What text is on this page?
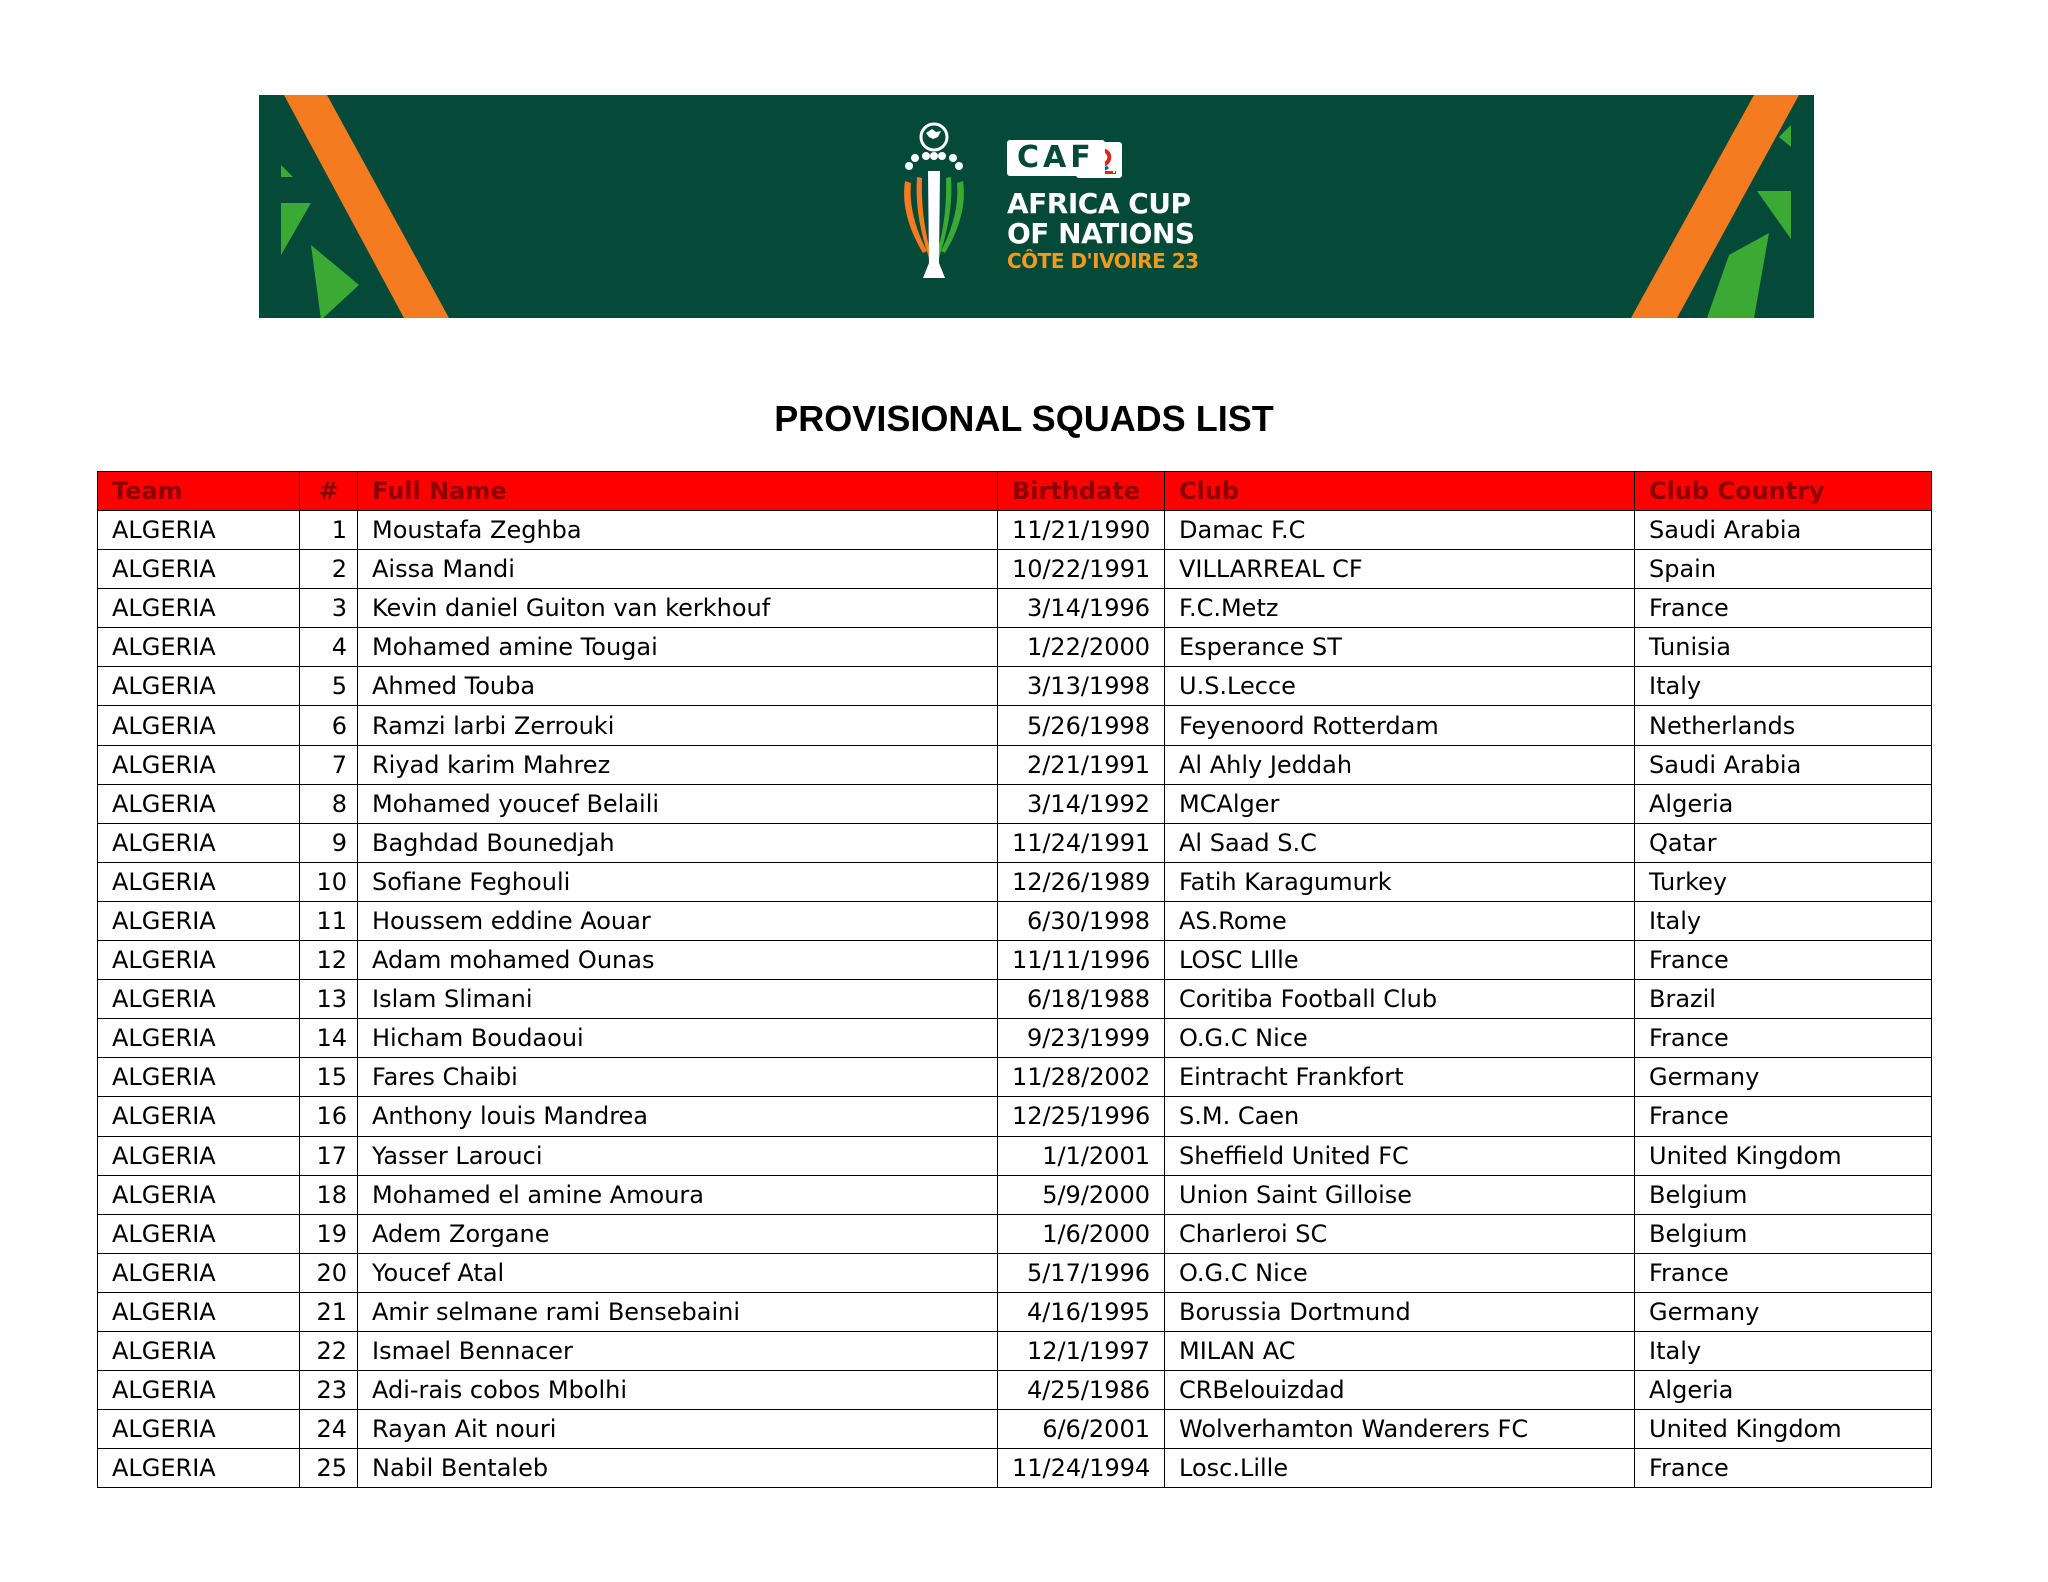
CAF
AFRICA CUP
OF NATIONS
CÔTE D'IVOIRE 23
PROVISIONAL SQUADS LIST
Team	#	Full Name	Birthdate	Club	Club Country
ALGERIA	1	Moustafa Zeghba	11/21/1990	Damac F.C	Saudi Arabia
ALGERIA	2	Aissa Mandi	10/22/1991	VILLARREAL CF	Spain
ALGERIA	3	Kevin daniel Guiton van kerkhouf	3/14/1996	F.C.Metz	France
ALGERIA	4	Mohamed amine Tougai	1/22/2000	Esperance ST	Tunisia
ALGERIA	5	Ahmed Touba	3/13/1998	U.S.Lecce	Italy
ALGERIA	6	Ramzi larbi Zerrouki	5/26/1998	Feyenoord Rotterdam	Netherlands
ALGERIA	7	Riyad karim Mahrez	2/21/1991	Al Ahly Jeddah	Saudi Arabia
ALGERIA	8	Mohamed youcef Belaili	3/14/1992	MCAlger	Algeria
ALGERIA	9	Baghdad Bounedjah	11/24/1991	Al Saad S.C	Qatar
ALGERIA	10	Sofiane Feghouli	12/26/1989	Fatih Karagumurk	Turkey
ALGERIA	11	Houssem eddine Aouar	6/30/1998	AS.Rome	Italy
ALGERIA	12	Adam mohamed Ounas	11/11/1996	LOSC LIlle	France
ALGERIA	13	Islam Slimani	6/18/1988	Coritiba Football Club	Brazil
ALGERIA	14	Hicham Boudaoui	9/23/1999	O.G.C Nice	France
ALGERIA	15	Fares Chaibi	11/28/2002	Eintracht Frankfort	Germany
ALGERIA	16	Anthony louis Mandrea	12/25/1996	S.M. Caen	France
ALGERIA	17	Yasser Larouci	1/1/2001	Sheffield United FC	United Kingdom
ALGERIA	18	Mohamed el amine Amoura	5/9/2000	Union Saint Gilloise	Belgium
ALGERIA	19	Adem Zorgane	1/6/2000	Charleroi SC	Belgium
ALGERIA	20	Youcef Atal	5/17/1996	O.G.C Nice	France
ALGERIA	21	Amir selmane rami Bensebaini	4/16/1995	Borussia Dortmund	Germany
ALGERIA	22	Ismael Bennacer	12/1/1997	MILAN AC	Italy
ALGERIA	23	Adi-rais cobos Mbolhi	4/25/1986	CRBelouizdad	Algeria
ALGERIA	24	Rayan Ait nouri	6/6/2001	Wolverhamton Wanderers FC	United Kingdom
ALGERIA	25	Nabil Bentaleb	11/24/1994	Losc.Lille	France
